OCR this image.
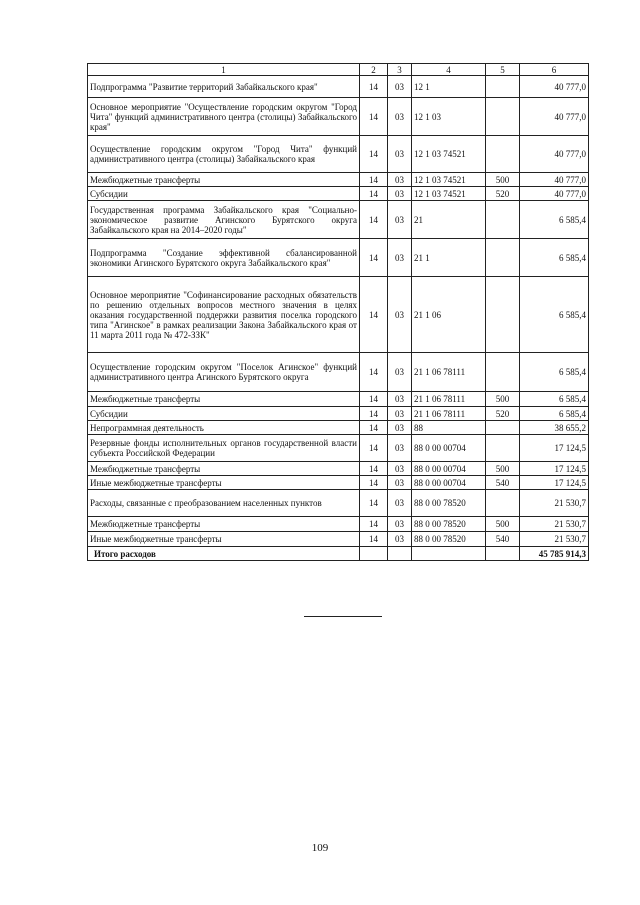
1	2	3	4	5	6
Подпрограмма "Развитие территорий Забайкальского края"	14	03	12 1		40 777,0
Основное мероприятие "Осуществление городским округом "Город Чита" функций административного центра (столицы) Забайкальского края"	14	03	12 1 03		40 777,0
Осуществление городским округом "Город Чита" функций административного центра (столицы) Забайкальского края	14	03	12 1 03 74521		40 777,0
Межбюджетные трансферты	14	03	12 1 03 74521	500	40 777,0
Субсидии	14	03	12 1 03 74521	520	40 777,0
Государственная программа Забайкальского края "Социально-экономическое развитие Агинского Бурятского округа Забайкальского края на 2014–2020 годы"	14	03	21		6 585,4
Подпрограмма "Создание эффективной сбалансированной экономики Агинского Бурятского округа Забайкальского края"	14	03	21 1		6 585,4
Основное мероприятие "Софинансирование расходных обязательств по решению отдельных вопросов местного значения в целях оказания государственной поддержки развития поселка городского типа "Агинское" в рамках реализации Закона Забайкальского края от 11 марта 2011 года № 472-ЗЗК"	14	03	21 1 06		6 585,4
Осуществление городским округом "Поселок Агинское" функций административного центра Агинского Бурятского округа	14	03	21 1 06 78111		6 585,4
Межбюджетные трансферты	14	03	21 1 06 78111	500	6 585,4
Субсидии	14	03	21 1 06 78111	520	6 585,4
Непрограммная деятельность	14	03	88		38 655,2
Резервные фонды исполнительных органов государственной власти субъекта Российской Федерации	14	03	88 0 00 00704		17 124,5
Межбюджетные трансферты	14	03	88 0 00 00704	500	17 124,5
Иные межбюджетные трансферты	14	03	88 0 00 00704	540	17 124,5
Расходы, связанные с преобразованием населенных пунктов	14	03	88 0 00 78520		21 530,7
Межбюджетные трансферты	14	03	88 0 00 78520	500	21 530,7
Иные межбюджетные трансферты	14	03	88 0 00 78520	540	21 530,7
Итого расходов					45 785 914,3
109
